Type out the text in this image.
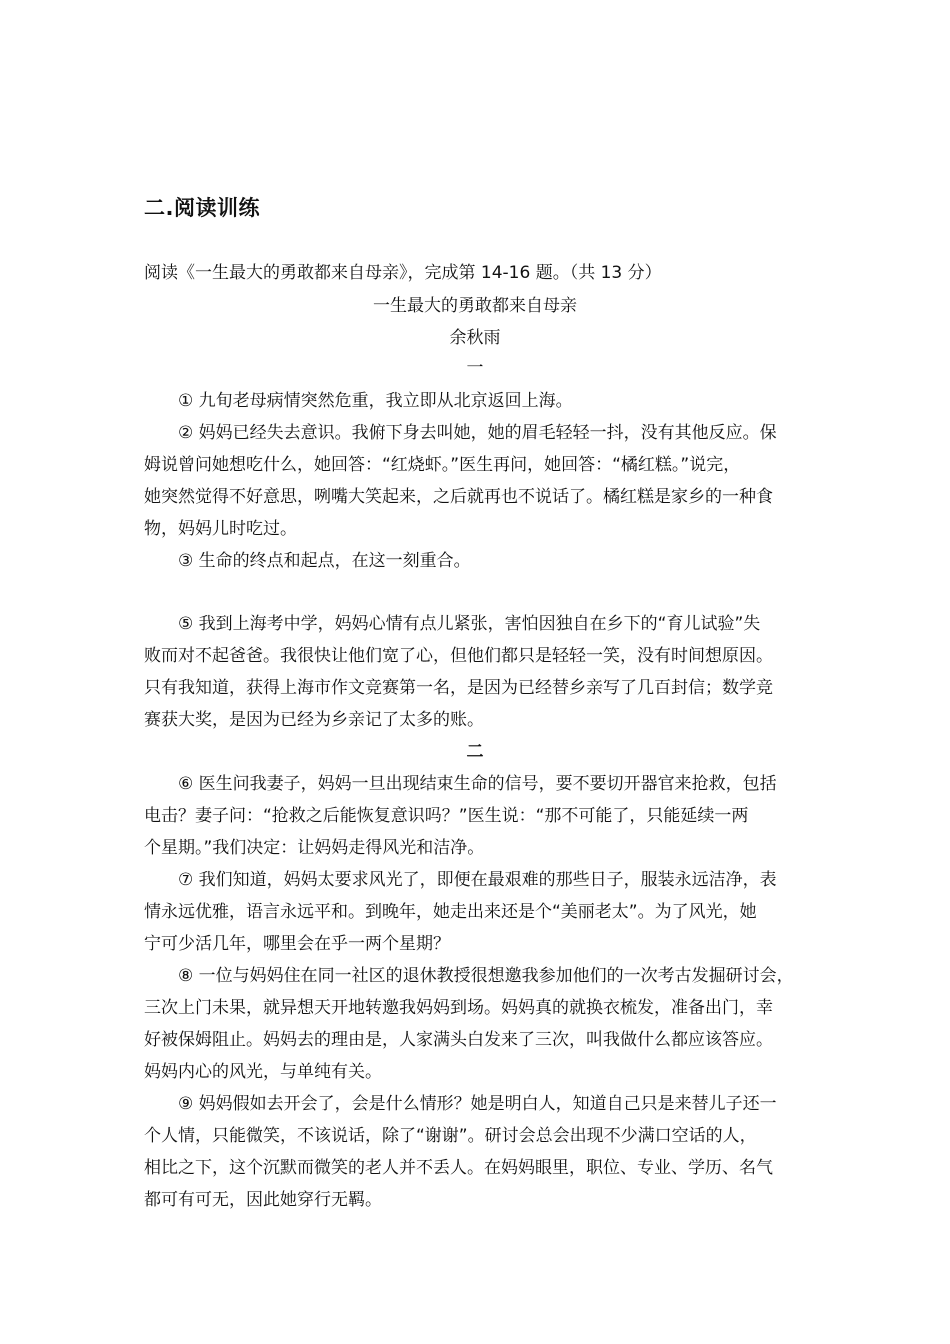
二.阅读训练
阅读《一生最大的勇敢都来自母亲》，完成第 14-16 题。（共 13 分）
一生最大的勇敢都来自母亲
余秋雨
一
① 九旬老母病情突然危重，我立即从北京返回上海。
② 妈妈已经失去意识。我俯下身去叫她，她的眉毛轻轻一抖，没有其他反应。保
姆说曾问她想吃什么，她回答：“红烧虾。”医生再问，她回答：“橘红糕。”说完，
她突然觉得不好意思，咧嘴大笑起来，之后就再也不说话了。橘红糕是家乡的一种食
物，妈妈儿时吃过。
③ 生命的终点和起点，在这一刻重合。
⑤ 我到上海考中学，妈妈心情有点儿紧张，害怕因独自在乡下的“育儿试验”失
败而对不起爸爸。我很快让他们宽了心，但他们都只是轻轻一笑，没有时间想原因。
只有我知道，获得上海市作文竞赛第一名，是因为已经替乡亲写了几百封信；数学竞
赛获大奖，是因为已经为乡亲记了太多的账。
二
⑥ 医生问我妻子，妈妈一旦出现结束生命的信号，要不要切开器官来抢救，包括
电击？妻子问：“抢救之后能恢复意识吗？”医生说：“那不可能了，只能延续一两
个星期。”我们决定：让妈妈走得风光和洁净。
⑦ 我们知道，妈妈太要求风光了，即便在最艰难的那些日子，服装永远洁净，表
情永远优雅，语言永远平和。到晚年，她走出来还是个“美丽老太”。为了风光，她
宁可少活几年，哪里会在乎一两个星期？
⑧ 一位与妈妈住在同一社区的退休教授很想邀我参加他们的一次考古发掘研讨会，
三次上门未果，就异想天开地转邀我妈妈到场。妈妈真的就换衣梳发，准备出门，幸
好被保姆阻止。妈妈去的理由是，人家满头白发来了三次，叫我做什么都应该答应。
妈妈内心的风光，与单纯有关。
⑨ 妈妈假如去开会了，会是什么情形？她是明白人，知道自己只是来替儿子还一
个人情，只能微笑，不该说话，除了“谢谢”。研讨会总会出现不少满口空话的人，
相比之下，这个沉默而微笑的老人并不丢人。在妈妈眼里，职位、专业、学历、名气
都可有可无，因此她穿行无羁。
